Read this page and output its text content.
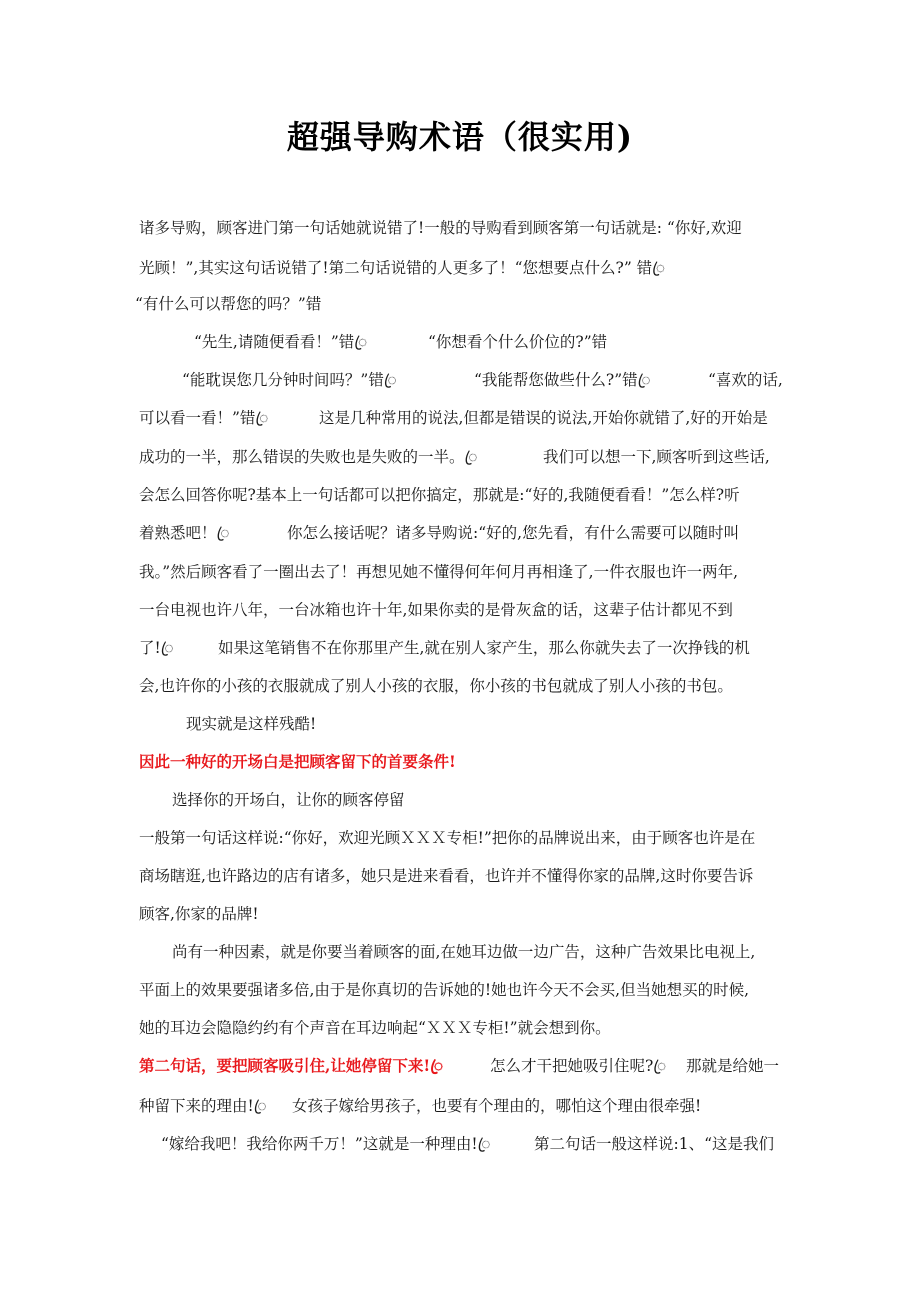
超强导购术语（很实用)
诸多导购，顾客进门第一句话她就说错了!一般的导购看到顾客第一句话就是: “你好,欢迎
光顾！”,其实这句话说错了!第二句话说错的人更多了！“您想要点什么?” 错ꦿ
“有什么可以帮您的吗？”错
“先生,请随便看看！”错ꦿ	“你想看个什么价位的?”错
“能耽误您几分钟时间吗？”错ꦿ	“我能帮您做些什么?”错ꦿ	“喜欢的话,
可以看一看！”错ꦿ	这是几种常用的说法,但都是错误的说法,开始你就错了,好的开始是
成功的一半，那么错误的失败也是失败的一半。ꦿ	我们可以想一下,顾客听到这些话,
会怎么回答你呢?基本上一句话都可以把你搞定，那就是:“好的,我随便看看！”怎么样?听
着熟悉吧！ꦿ	你怎么接话呢？诸多导购说:“好的,您先看，有什么需要可以随时叫
我。”然后顾客看了一圈出去了！再想见她不懂得何年何月再相逢了,一件衣服也许一两年,
一台电视也许八年，一台冰箱也许十年,如果你卖的是骨灰盒的话，这辈子估计都见不到
了!ꦿ	如果这笔销售不在你那里产生,就在别人家产生，那么你就失去了一次挣钱的机
会,也许你的小孩的衣服就成了别人小孩的衣服，你小孩的书包就成了别人小孩的书包。
现实就是这样残酷!
因此一种好的开场白是把顾客留下的首要条件!
选择你的开场白，让你的顾客停留
一般第一句话这样说:“你好，欢迎光顾ＸＸＸ专柜!”把你的品牌说出来，由于顾客也许是在
商场瞎逛,也许路边的店有诸多，她只是进来看看，也许并不懂得你家的品牌,这时你要告诉
顾客,你家的品牌!
尚有一种因素，就是你要当着顾客的面,在她耳边做一边广告，这种广告效果比电视上,
平面上的效果要强诸多倍,由于是你真切的告诉她的!她也许今天不会买,但当她想买的时候,
她的耳边会隐隐约约有个声音在耳边响起“ＸＸＸ专柜!”就会想到你。
第二句话，要把顾客吸引住,让她停留下来!ꦿ	怎么才干把她吸引住呢?ꦿ 那就是给她一
种留下来的理由!ꦿ 女孩子嫁给男孩子，也要有个理由的，哪怕这个理由很牵强!
“嫁给我吧！我给你两千万！”这就是一种理由!ꦿ	第二句话一般这样说:1、“这是我们
